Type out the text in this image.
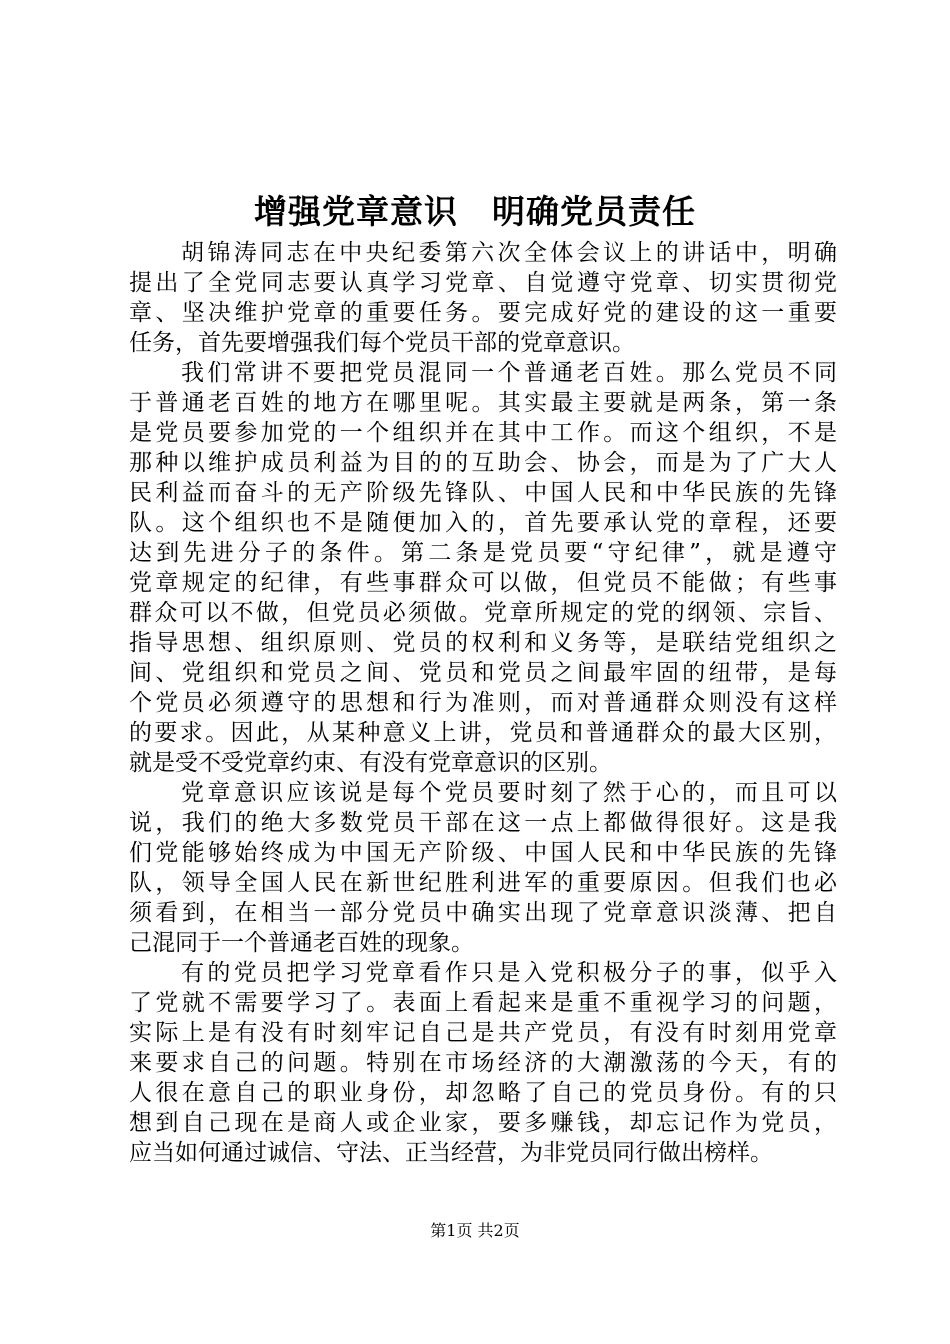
增强党章意识　明确党员责任
胡锦涛同志在中央纪委第六次全体会议上的讲话中，明确
提出了全党同志要认真学习党章、自觉遵守党章、切实贯彻党
章、坚决维护党章的重要任务。要完成好党的建设的这一重要
任务，首先要增强我们每个党员干部的党章意识。
我们常讲不要把党员混同一个普通老百姓。那么党员不同
于普通老百姓的地方在哪里呢。其实最主要就是两条，第一条
是党员要参加党的一个组织并在其中工作。而这个组织，不是
那种以维护成员利益为目的的互助会、协会，而是为了广大人
民利益而奋斗的无产阶级先锋队、中国人民和中华民族的先锋
队。这个组织也不是随便加入的，首先要承认党的章程，还要
达到先进分子的条件。第二条是党员要“守纪律”，就是遵守
党章规定的纪律，有些事群众可以做，但党员不能做；有些事
群众可以不做，但党员必须做。党章所规定的党的纲领、宗旨、
指导思想、组织原则、党员的权利和义务等，是联结党组织之
间、党组织和党员之间、党员和党员之间最牢固的纽带，是每
个党员必须遵守的思想和行为准则，而对普通群众则没有这样
的要求。因此，从某种意义上讲，党员和普通群众的最大区别，
就是受不受党章约束、有没有党章意识的区别。
党章意识应该说是每个党员要时刻了然于心的，而且可以
说，我们的绝大多数党员干部在这一点上都做得很好。这是我
们党能够始终成为中国无产阶级、中国人民和中华民族的先锋
队，领导全国人民在新世纪胜利进军的重要原因。但我们也必
须看到，在相当一部分党员中确实出现了党章意识淡薄、把自
己混同于一个普通老百姓的现象。
有的党员把学习党章看作只是入党积极分子的事，似乎入
了党就不需要学习了。表面上看起来是重不重视学习的问题，
实际上是有没有时刻牢记自己是共产党员，有没有时刻用党章
来要求自己的问题。特别在市场经济的大潮激荡的今天，有的
人很在意自己的职业身份，却忽略了自己的党员身份。有的只
想到自己现在是商人或企业家，要多赚钱，却忘记作为党员，
应当如何通过诚信、守法、正当经营，为非党员同行做出榜样。
第1页 共2页
